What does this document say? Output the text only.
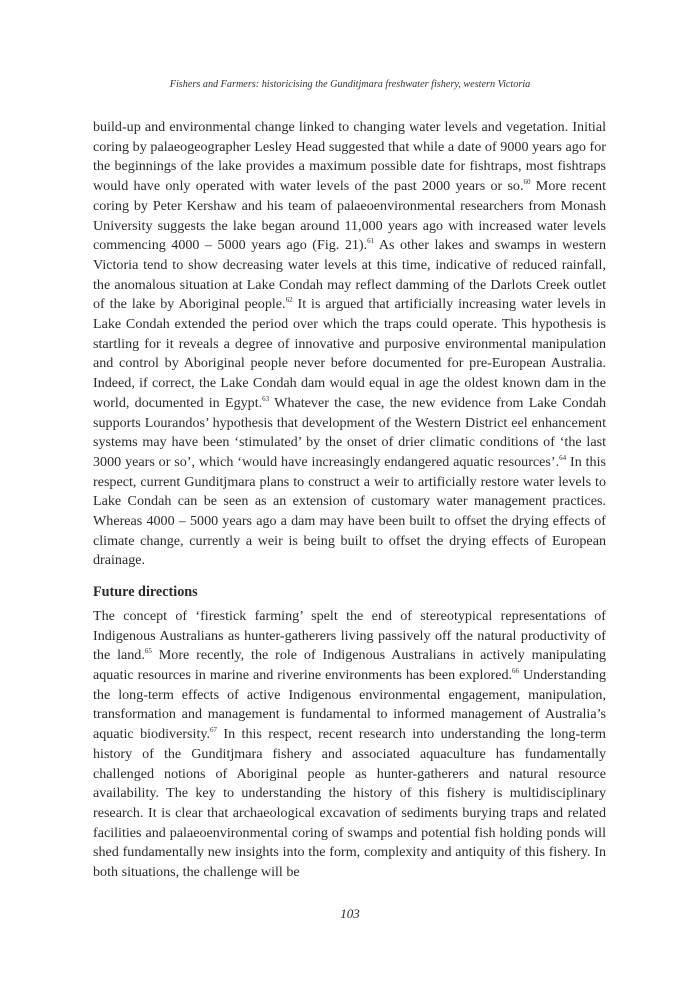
Fishers and Farmers: historicising the Gunditjmara freshwater fishery, western Victoria

build-up and environmental change linked to changing water levels and vegetation. Initial coring by palaeogeographer Lesley Head suggested that while a date of 9000 years ago for the beginnings of the lake provides a maximum possible date for fishtraps, most fishtraps would have only operated with water levels of the past 2000 years or so.$^{60}$ More recent coring by Peter Kershaw and his team of palaeoenvironmental researchers from Monash University suggests the lake began around 11,000 years ago with increased water levels commencing 4000 – 5000 years ago (Fig. 21).$^{61}$ As other lakes and swamps in western Victoria tend to show decreasing water levels at this time, indicative of reduced rainfall, the anomalous situation at Lake Condah may reflect damming of the Darlots Creek outlet of the lake by Aboriginal people.$^{62}$ It is argued that artificially increasing water levels in Lake Condah extended the period over which the traps could operate. This hypothesis is startling for it reveals a degree of innovative and purposive environmental manipulation and control by Aboriginal people never before documented for pre-European Australia. Indeed, if correct, the Lake Condah dam would equal in age the oldest known dam in the world, documented in Egypt.$^{63}$ Whatever the case, the new evidence from Lake Condah supports Lourandos’ hypothesis that development of the Western District eel enhancement systems may have been ‘stimulated’ by the onset of drier climatic conditions of ‘the last 3000 years or so’, which ‘would have increasingly endangered aquatic resources’.$^{64}$ In this respect, current Gunditjmara plans to construct a weir to artificially restore water levels to Lake Condah can be seen as an extension of customary water management practices. Whereas 4000 – 5000 years ago a dam may have been built to offset the drying effects of climate change, currently a weir is being built to offset the drying effects of European drainage.

Future directions

The concept of ‘firestick farming’ spelt the end of stereotypical representations of Indigenous Australians as hunter-gatherers living passively off the natural productivity of the land.$^{65}$ More recently, the role of Indigenous Australians in actively manipulating aquatic resources in marine and riverine environments has been explored.$^{66}$ Understanding the long-term effects of active Indigenous environmental engagement, manipulation, transformation and management is fundamental to informed management of Australia’s aquatic biodiversity.$^{67}$ In this respect, recent research into understanding the long-term history of the Gunditjmara fishery and associated aquaculture has fundamentally challenged notions of Aboriginal people as hunter-gatherers and natural resource availability. The key to understanding the history of this fishery is multidisciplinary research. It is clear that archaeological excavation of sediments burying traps and related facilities and palaeoenvironmental coring of swamps and potential fish holding ponds will shed fundamentally new insights into the form, complexity and antiquity of this fishery. In both situations, the challenge will be

103
